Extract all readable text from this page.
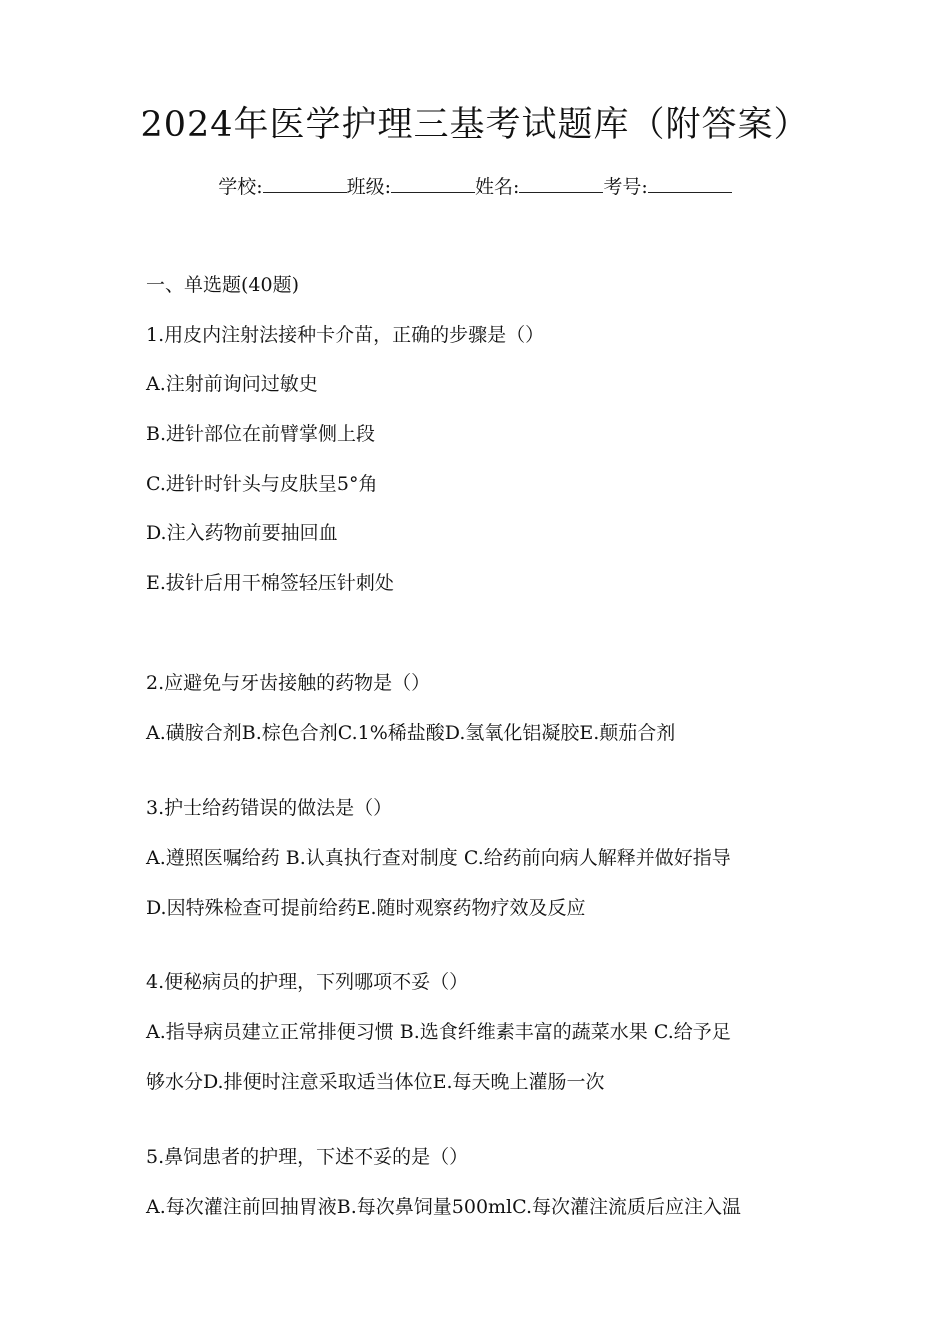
2024年医学护理三基考试题库（附答案）
学校:	班级:	姓名:	考号:
一、单选题(40题)
1.用皮内注射法接种卡介苗，正确的步骤是（）
A.注射前询问过敏史
B.进针部位在前臂掌侧上段
C.进针时针头与皮肤呈5°角
D.注入药物前要抽回血
E.拔针后用干棉签轻压针刺处
2.应避免与牙齿接触的药物是（）
A.磺胺合剂B.棕色合剂C.1%稀盐酸D.氢氧化铝凝胶E.颠茄合剂
3.护士给药错误的做法是（）
A.遵照医嘱给药 B.认真执行查对制度 C.给药前向病人解释并做好指导
D.因特殊检查可提前给药E.随时观察药物疗效及反应
4.便秘病员的护理，下列哪项不妥（）
A.指导病员建立正常排便习惯 B.选食纤维素丰富的蔬菜水果 C.给予足
够水分D.排便时注意采取适当体位E.每天晚上灌肠一次
5.鼻饲患者的护理，下述不妥的是（）
A.每次灌注前回抽胃液B.每次鼻饲量500mlC.每次灌注流质后应注入温
